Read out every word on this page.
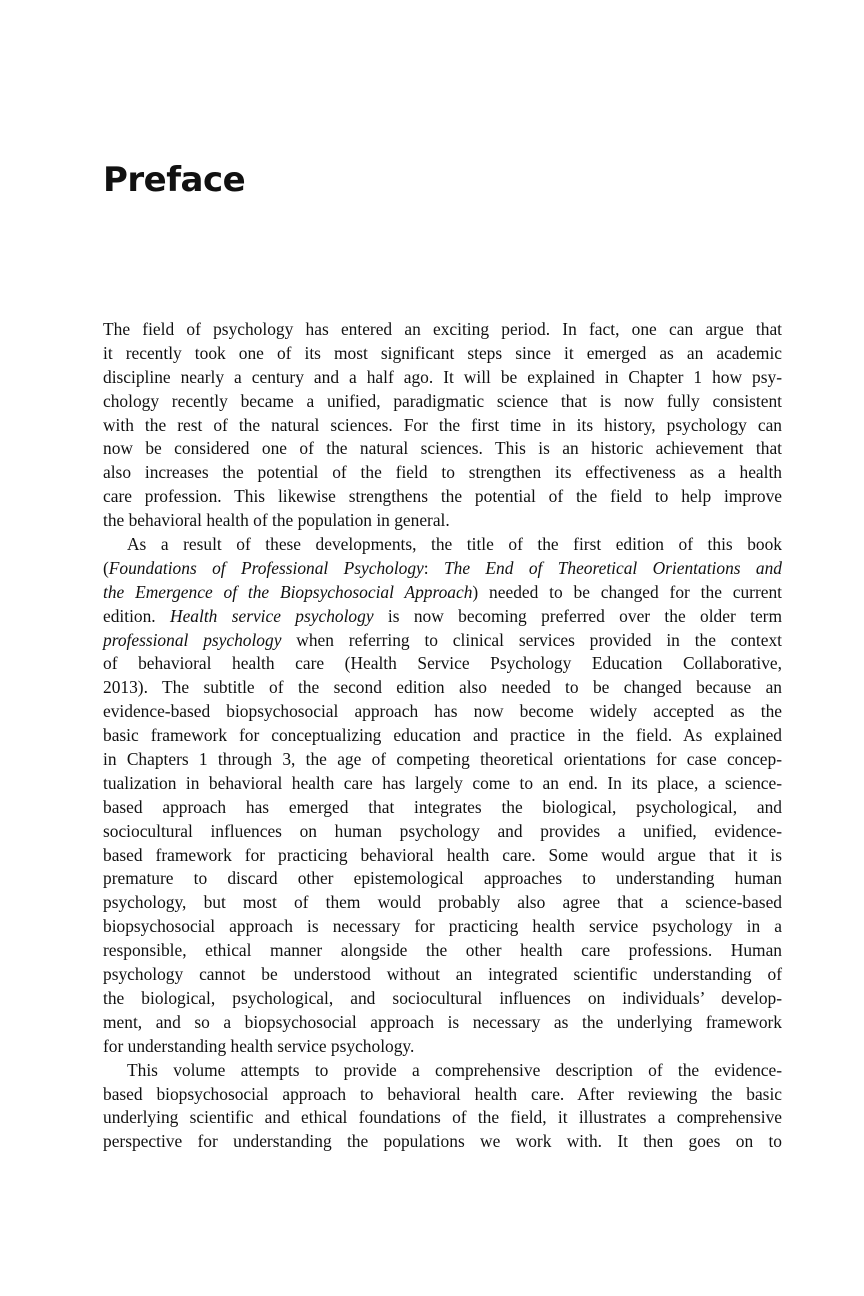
Preface
The field of psychology has entered an exciting period. In fact, one can argue that
it recently took one of its most significant steps since it emerged as an academic
discipline nearly a century and a half ago. It will be explained in Chapter 1 how psy-
chology recently became a unified, paradigmatic science that is now fully consistent
with the rest of the natural sciences. For the first time in its history, psychology can
now be considered one of the natural sciences. This is an historic achievement that
also increases the potential of the field to strengthen its effectiveness as a health
care profession. This likewise strengthens the potential of the field to help improve
the behavioral health of the population in general.
As a result of these developments, the title of the first edition of this book
(Foundations of Professional Psychology: The End of Theoretical Orientations and
the Emergence of the Biopsychosocial Approach) needed to be changed for the current
edition. Health service psychology is now becoming preferred over the older term
professional psychology when referring to clinical services provided in the context
of behavioral health care (Health Service Psychology Education Collaborative,
2013). The subtitle of the second edition also needed to be changed because an
evidence-based biopsychosocial approach has now become widely accepted as the
basic framework for conceptualizing education and practice in the field. As explained
in Chapters 1 through 3, the age of competing theoretical orientations for case concep-
tualization in behavioral health care has largely come to an end. In its place, a science-
based approach has emerged that integrates the biological, psychological, and
sociocultural influences on human psychology and provides a unified, evidence-
based framework for practicing behavioral health care. Some would argue that it is
premature to discard other epistemological approaches to understanding human
psychology, but most of them would probably also agree that a science-based
biopsychosocial approach is necessary for practicing health service psychology in a
responsible, ethical manner alongside the other health care professions. Human
psychology cannot be understood without an integrated scientific understanding of
the biological, psychological, and sociocultural influences on individuals’ develop-
ment, and so a biopsychosocial approach is necessary as the underlying framework
for understanding health service psychology.
This volume attempts to provide a comprehensive description of the evidence-
based biopsychosocial approach to behavioral health care. After reviewing the basic
underlying scientific and ethical foundations of the field, it illustrates a comprehensive
perspective for understanding the populations we work with. It then goes on to
